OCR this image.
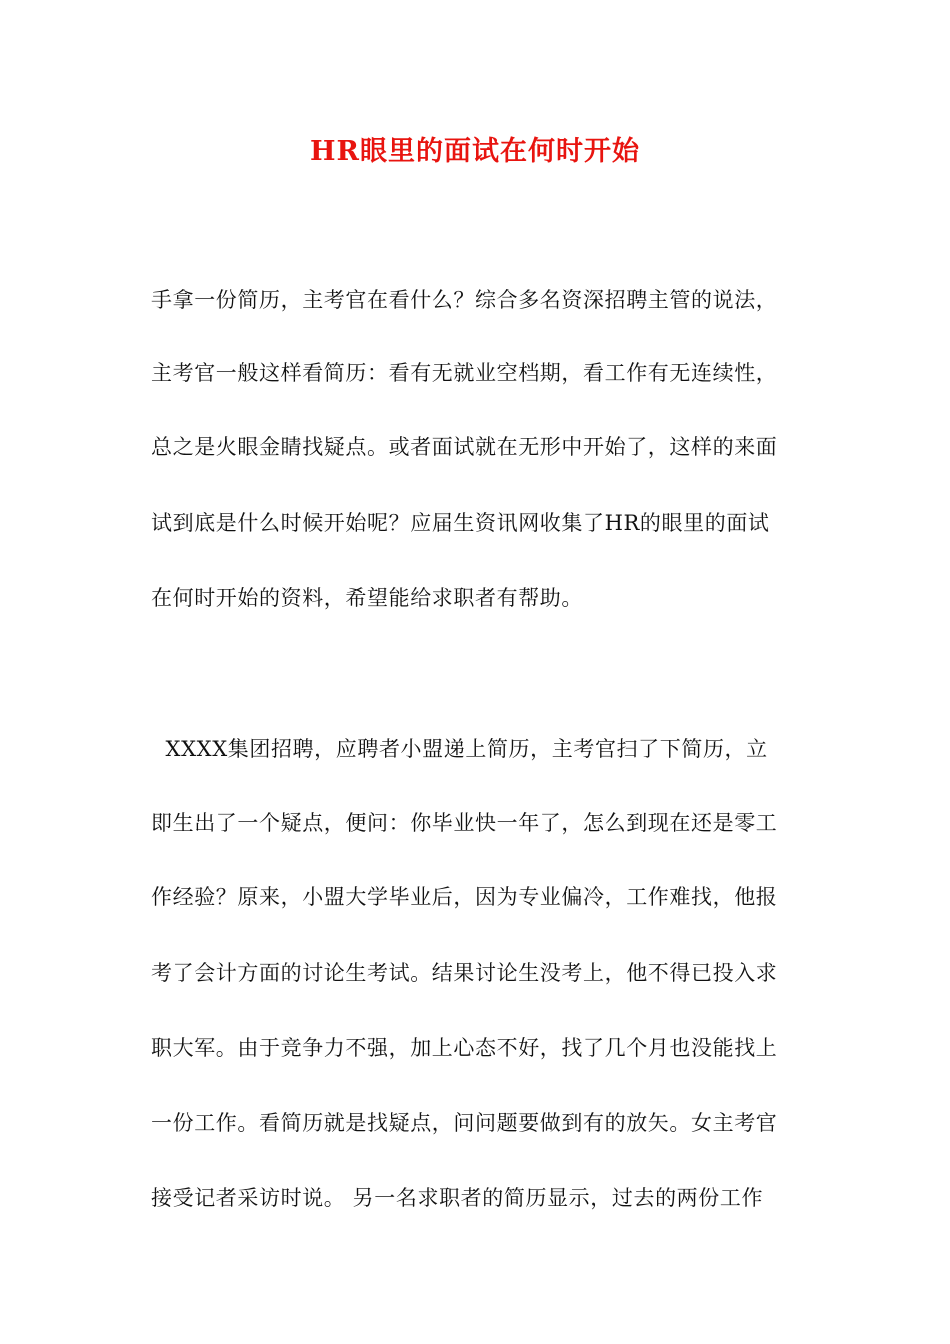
HR眼里的面试在何时开始
手拿一份简历，主考官在看什么？综合多名资深招聘主管的说法，
主考官一般这样看简历：看有无就业空档期，看工作有无连续性，
总之是火眼金睛找疑点。或者面试就在无形中开始了，这样的来面
试到底是什么时候开始呢？应届生资讯网收集了HR的眼里的面试
在何时开始的资料，希望能给求职者有帮助。
XXXX集团招聘，应聘者小盟递上简历，主考官扫了下简历，立
即生出了一个疑点，便问：你毕业快一年了，怎么到现在还是零工
作经验？原来，小盟大学毕业后，因为专业偏冷，工作难找，他报
考了会计方面的讨论生考试。结果讨论生没考上，他不得已投入求
职大军。由于竞争力不强，加上心态不好，找了几个月也没能找上
一份工作。看简历就是找疑点，问问题要做到有的放矢。女主考官
接受记者采访时说。 另一名求职者的简历显示，过去的两份工作
